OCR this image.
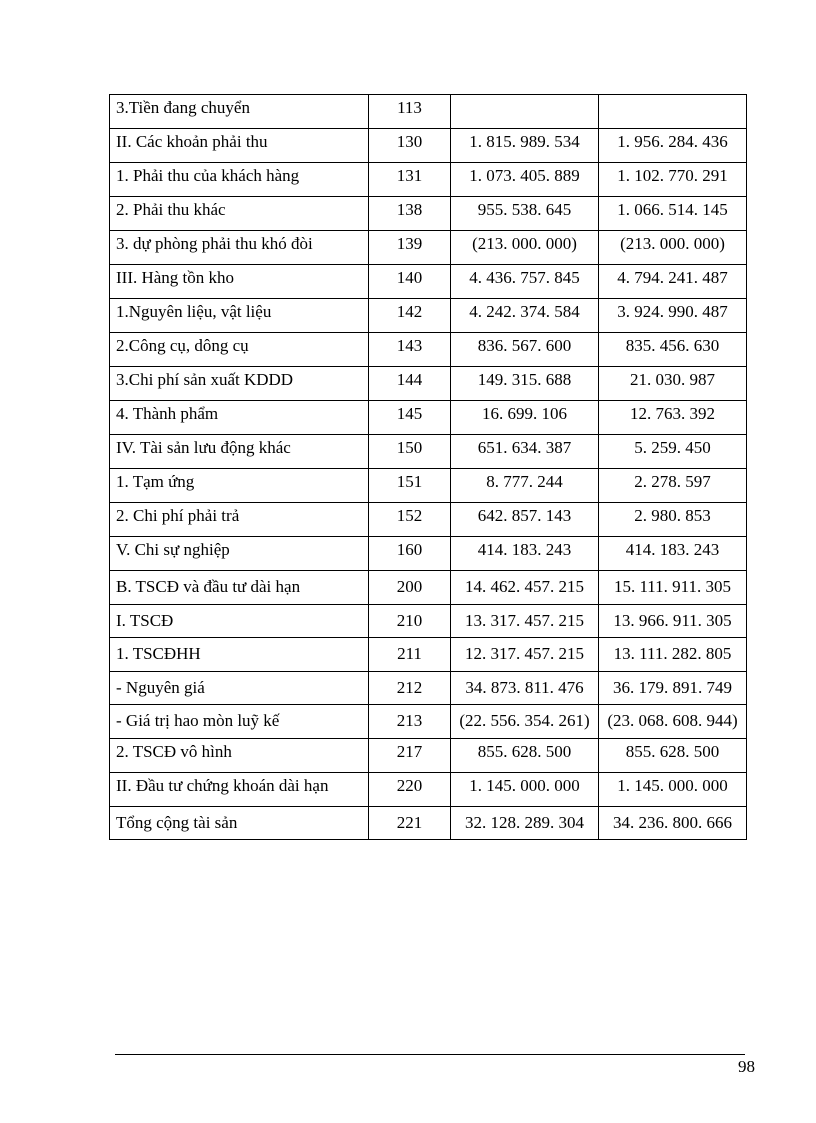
3.Tiền đang chuyển	113		
II. Các khoản phải thu	130	1. 815. 989. 534	1. 956. 284. 436
1. Phải thu của khách hàng	131	1. 073. 405. 889	1. 102. 770. 291
2. Phải thu khác	138	955. 538. 645	1. 066. 514. 145
3. dự phòng phải thu khó đòi	139	(213. 000. 000)	(213. 000. 000)
III. Hàng tồn kho	140	4. 436. 757. 845	4. 794. 241. 487
1.Nguyên liệu, vật liệu	142	4. 242. 374. 584	3. 924. 990. 487
2.Công cụ, dông cụ	143	836. 567. 600	835. 456. 630
3.Chi phí sản xuất KDDD	144	149. 315. 688	21. 030. 987
4. Thành phẩm	145	16. 699. 106	12. 763. 392
IV. Tài sản lưu động khác	150	651. 634. 387	5. 259. 450
1. Tạm ứng	151	8. 777. 244	2. 278. 597
2. Chi phí phải trả	152	642. 857. 143	2. 980. 853
V. Chi sự nghiệp	160	414. 183. 243	414. 183. 243
B. TSCĐ và đầu tư dài hạn	200	14. 462. 457. 215	15. 111. 911. 305
I. TSCĐ	210	13. 317. 457. 215	13. 966. 911. 305
1. TSCĐHH	211	12. 317. 457. 215	13. 111. 282. 805
- Nguyên giá	212	34. 873. 811. 476	36. 179. 891. 749
- Giá trị hao mòn luỹ kế	213	(22. 556. 354. 261)	(23. 068. 608. 944)
2. TSCĐ vô hình	217	855. 628. 500	855. 628. 500
II. Đầu tư chứng khoán dài hạn	220	1. 145. 000. 000	1. 145. 000. 000
Tổng cộng tài sản	221	32. 128. 289. 304	34. 236. 800. 666
98
